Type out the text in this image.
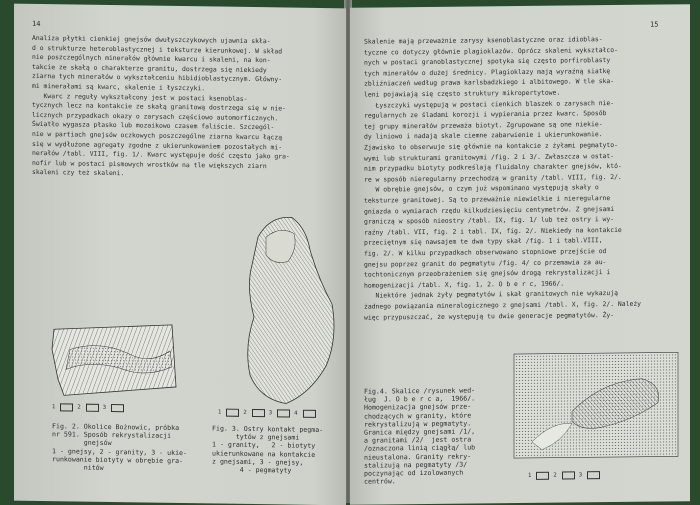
14
Analiza płytki cienkiej gnejsów dwułyszczykowych ujawnia skła-
d o strukturze heteroblastycznej i teksturze kierunkowej. W skład
nie poszczególnych minerałów głównie kwarcu i skaleni, na kon-
takcie ze skałą o charakterze granitu, dostrzega się niekiedy
ziarna tych minerałów o wykształceniu hibidioblastycznym. Główny-
mi minerałami są kwarc, skalenie i łyszczyki.
Kwarc z reguły wykształcony jest w postaci ksenoblas-
tycznych lecz na kontakcie ze skałą granitową dostrzega się w nie-
licznych przypadkach okazy o zarysach częściowo automorficznych.
Światło wygasza płasko lub mozaikowo czasem faliście. Szczegól-
nie w partiach gnejsów oczkowych poszczególne ziarna kwarcu łączą
się w wydłużone agregaty zgodne z ukierunkowaniem pozostałych mi-
nerałów /tabl. VIII, fig. 1/. Kwarc występuje dość często jako gra-
nofir lub w postaci pismowych wrostków na tle większych ziarn
skaleni czy też skaleni.
1	2	3
Fig. 2. Okolice Bożnowic, próbka
nr 591. Sposób rekrystalizacji
gnejsów
1 - gnejsy, 2 - granity, 3 - ukie-
runkowanie biotyty w obrębie gra-
nitów
1	2	3	4
Fig. 3. Ostry kontakt pegma-
tytów z gnejsami
1 - granity,   2 - biotyty
ukierunkowane na kontakcie
z gnejsami, 3 - gnejsy,
4 - pegmatyty
15
Skalenie mają przeważnie zarysy ksenoblastyczne oraz idioblas-
tyczne co dotyczy głównie plagioklazów. Oprócz skaleni wykształco-
nych w postaci granoblastycznej spotyka się często porfiroblasty
tych minerałów o dużej średnicy. Plagioklazy mają wyraźną siatkę
zbliźniaczeń według prawa karlsbadzkiego i albitowego. W tle ska-
leni pojawiają się często struktury mikropertytowe.
Łyszczyki występują w postaci cienkich blaszek o zarysach nie-
regularnych ze śladami korozji i wypierania przez kwarc. Sposób
tej grupy minerałów przeważa biotyt. Zgrupowane są one niekie-
dy liniowo i nadają skale ciemne zabarwienie i ukierunkowanie.
Zjawisko to obserwuje się głównie na kontakcie z żyłami pegmatyto-
wymi lub strukturami granitowymi /fig. 2 i 3/. Zwłaszcza w ostat-
nim przypadku biotyty podkreślają fluidalny charakter gnejsów, któ-
re w sposób nieregularny przechodzą w granity /tabl. VIII, fig. 2/.
W obrębie gnejsów, o czym już wspominano występują skały o
teksturze granitowej. Są to przeważnie niewielkie i nieregularne
gniazda o wymiarach rzędu kilkudziesięciu centymetrów. Z gnejsami
graniczą w sposób nieostry /tabl. IX, fig. 1/ lub też ostry i wy-
raźny /tabl. VII, fig. 2 i tabl. IX, fig. 2/. Niekiedy na kontakcie
przeciętnym się nawsajem te dwa typy skał /fig. 1 i tabl.VIII,
fig. 2/. W kilku przypadkach obserwowano stopniowe przejście od
gnejsu poprzez granit do pegmatytu /fig. 4/ co przemawia za au-
tochtonicznym przeobrażeniem się gnejsów drogą rekrystalizacji i
homogenizacji /tabl. X, fig. 1, 2. O b e r c, 1966/.
Niektóre jednak żyły pegmatytów i skał granitowych nie wykazują
żadnego powiązania mineralogicznego z gnejsami /tabl. X, fig. 2/. Należy
więc przypuszczać, że występują tu dwie generacje pegmatytów. Ży-
Fig.4. Skalice /rysunek wed-
ług  J. O b e r c a,  1966/.
Homogenizacja gnejsów prze-
chodzących w granity, które
rekrystalizują w pegmatyty.
Granica między gnejsami /1/,
a granitami /2/  jest ostra
/oznaczona linią ciągłą/ lub
nieustalona. Granity rekry-
stalizują na pegmatyty /3/
poczynając od izolowanych
centrów.
1	2	3
